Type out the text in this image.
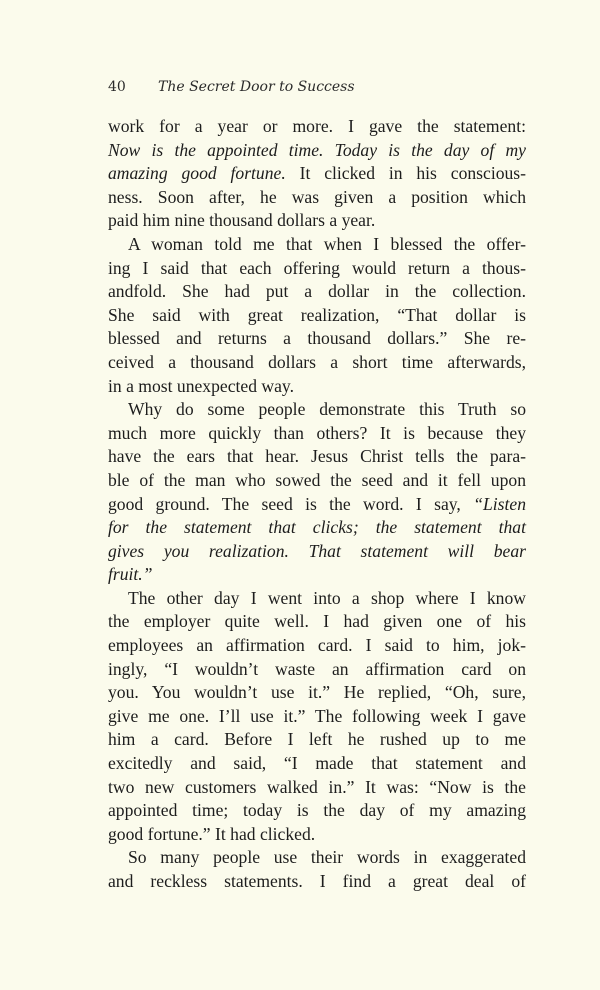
40 The Secret Door to Success
work for a year or more. I gave the statement:
Now is the appointed time. Today is the day of my
amazing good fortune. It clicked in his conscious-
ness. Soon after, he was given a position which
paid him nine thousand dollars a year.
A woman told me that when I blessed the offer-
ing I said that each offering would return a thous-
andfold. She had put a dollar in the collection.
She said with great realization, “That dollar is
blessed and returns a thousand dollars.” She re-
ceived a thousand dollars a short time afterwards,
in a most unexpected way.
Why do some people demonstrate this Truth so
much more quickly than others? It is because they
have the ears that hear. Jesus Christ tells the para-
ble of the man who sowed the seed and it fell upon
good ground. The seed is the word. I say, “Listen
for the statement that clicks; the statement that
gives you realization. That statement will bear
fruit.”
The other day I went into a shop where I know
the employer quite well. I had given one of his
employees an affirmation card. I said to him, jok-
ingly, “I wouldn’t waste an affirmation card on
you. You wouldn’t use it.” He replied, “Oh, sure,
give me one. I’ll use it.” The following week I gave
him a card. Before I left he rushed up to me
excitedly and said, “I made that statement and
two new customers walked in.” It was: “Now is the
appointed time; today is the day of my amazing
good fortune.” It had clicked.
So many people use their words in exaggerated
and reckless statements. I find a great deal of
